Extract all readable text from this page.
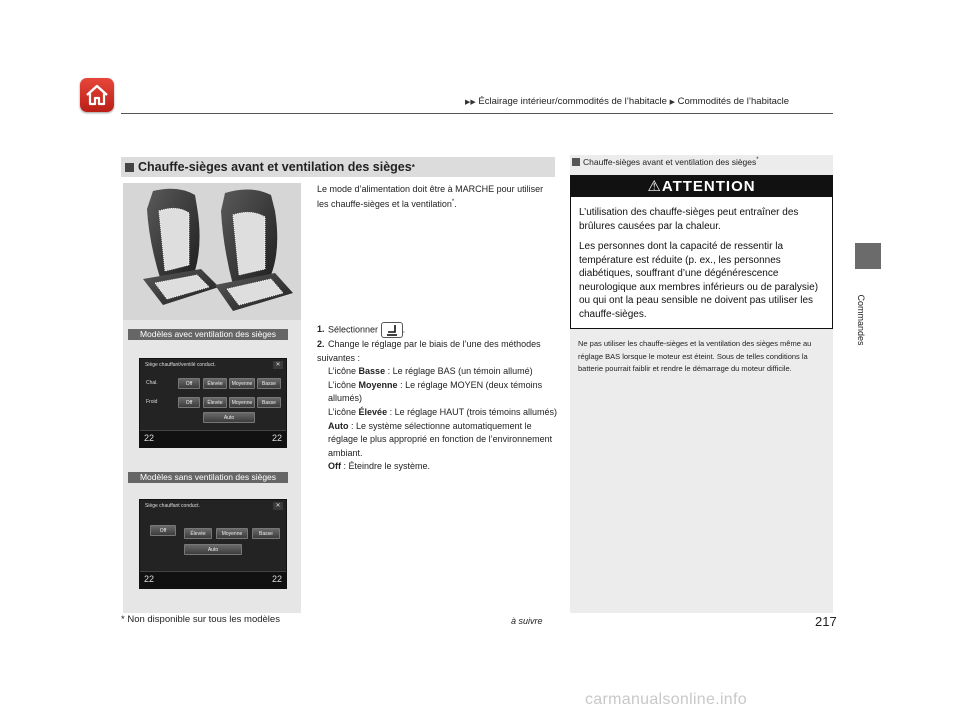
▶▶ Éclairage intérieur/commodités de l’habitacle ▶ Commodités de l’habitacle
Commandes
Chauffe-sièges avant et ventilation des sièges *
Modèles avec ventilation des sièges
Siège chauffant/ventilé conduct.	✕
Chal.
Froid
Off	Élevée	Moyenne	Basse
Off	Élevée	Moyenne	Basse
Auto
22	22
Modèles sans ventilation des sièges
Siège chauffant conduct.	✕
Off	Élevée	Moyenne	Basse
Auto
22	22
Le mode d’alimentation doit être à MARCHE pour utiliser les chauffe-sièges et la ventilation*.
1. Sélectionner	.
2. Change le réglage par le biais de l’une des méthodes suivantes :
L’icône Basse : Le réglage BAS (un témoin allumé)
L’icône Moyenne : Le réglage MOYEN (deux témoins allumés)
L’icône Élevée : Le réglage HAUT (trois témoins allumés)
Auto : Le système sélectionne automatiquement le réglage le plus approprié en fonction de l’environnement ambiant.
Off : Éteindre le système.
Chauffe-sièges avant et ventilation des sièges*
⚠ATTENTION

L’utilisation des chauffe-sièges peut entraîner des brûlures causées par la chaleur.

Les personnes dont la capacité de ressentir la température est réduite (p. ex., les personnes diabétiques, souffrant d’une dégénérescence neurologique aux membres inférieurs ou de paralysie) ou qui ont la peau sensible ne doivent pas utiliser les chauffe-sièges.

Ne pas utiliser les chauffe-sièges et la ventilation des sièges même au réglage BAS lorsque le moteur est éteint. Sous de telles conditions la batterie pourrait faiblir et rendre le démarrage du moteur difficile.
* Non disponible sur tous les modèles	à suivre	217
carmanualsonline.info
